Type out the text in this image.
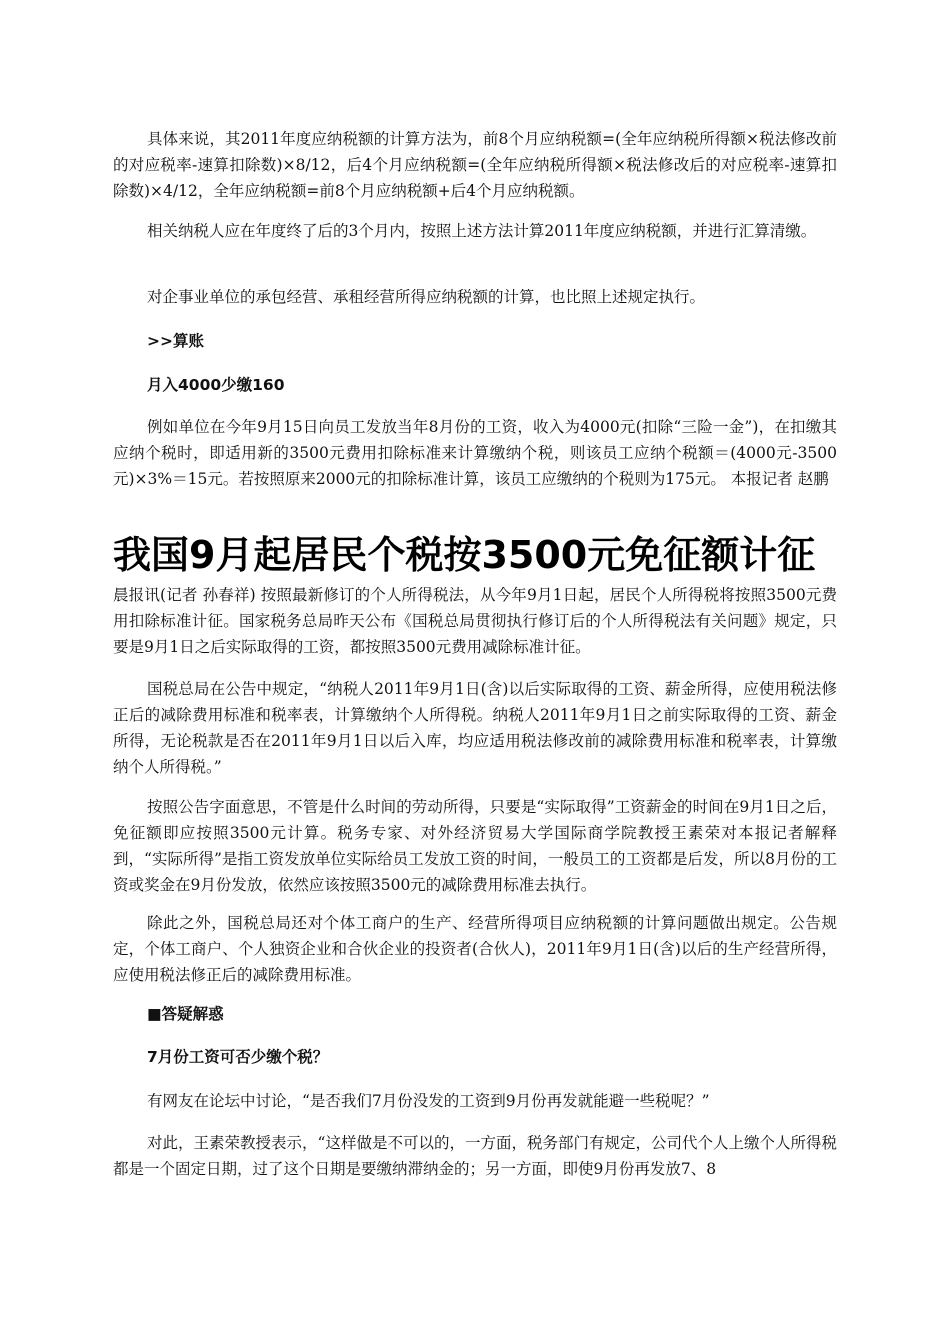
具体来说，其2011年度应纳税额的计算方法为，前8个月应纳税额=(全年应纳税所得额×税法修改前的对应税率-速算扣除数)×8/12，后4个月应纳税额=(全年应纳税所得额×税法修改后的对应税率-速算扣除数)×4/12，全年应纳税额=前8个月应纳税额+后4个月应纳税额。

相关纳税人应在年度终了后的3个月内，按照上述方法计算2011年度应纳税额，并进行汇算清缴。

对企事业单位的承包经营、承租经营所得应纳税额的计算，也比照上述规定执行。

>>算账

月入4000少缴160

例如单位在今年9月15日向员工发放当年8月份的工资，收入为4000元(扣除“三险一金”)，在扣缴其应纳个税时，即适用新的3500元费用扣除标准来计算缴纳个税，则该员工应纳个税额＝(4000元-3500元)×3%＝15元。若按照原来2000元的扣除标准计算，该员工应缴纳的个税则为175元。 本报记者 赵鹏

我国9月起居民个税按3500元免征额计征

晨报讯(记者 孙春祥) 按照最新修订的个人所得税法，从今年9月1日起，居民个人所得税将按照3500元费用扣除标准计征。国家税务总局昨天公布《国税总局贯彻执行修订后的个人所得税法有关问题》规定，只要是9月1日之后实际取得的工资，都按照3500元费用减除标准计征。

国税总局在公告中规定，“纳税人2011年9月1日(含)以后实际取得的工资、薪金所得，应使用税法修正后的减除费用标准和税率表，计算缴纳个人所得税。纳税人2011年9月1日之前实际取得的工资、薪金所得，无论税款是否在2011年9月1日以后入库，均应适用税法修改前的减除费用标准和税率表，计算缴纳个人所得税。”

按照公告字面意思，不管是什么时间的劳动所得，只要是“实际取得”工资薪金的时间在9月1日之后，免征额即应按照3500元计算。税务专家、对外经济贸易大学国际商学院教授王素荣对本报记者解释到，“实际所得”是指工资发放单位实际给员工发放工资的时间，一般员工的工资都是后发，所以8月份的工资或奖金在9月份发放，依然应该按照3500元的减除费用标准去执行。

除此之外，国税总局还对个体工商户的生产、经营所得项目应纳税额的计算问题做出规定。公告规定，个体工商户、个人独资企业和合伙企业的投资者(合伙人)，2011年9月1日(含)以后的生产经营所得，应使用税法修正后的减除费用标准。

■答疑解惑

7月份工资可否少缴个税？

有网友在论坛中讨论，“是否我们7月份没发的工资到9月份再发就能避一些税呢？”

对此，王素荣教授表示，“这样做是不可以的，一方面，税务部门有规定，公司代个人上缴个人所得税都是一个固定日期，过了这个日期是要缴纳滞纳金的；另一方面，即使9月份再发放7、8
